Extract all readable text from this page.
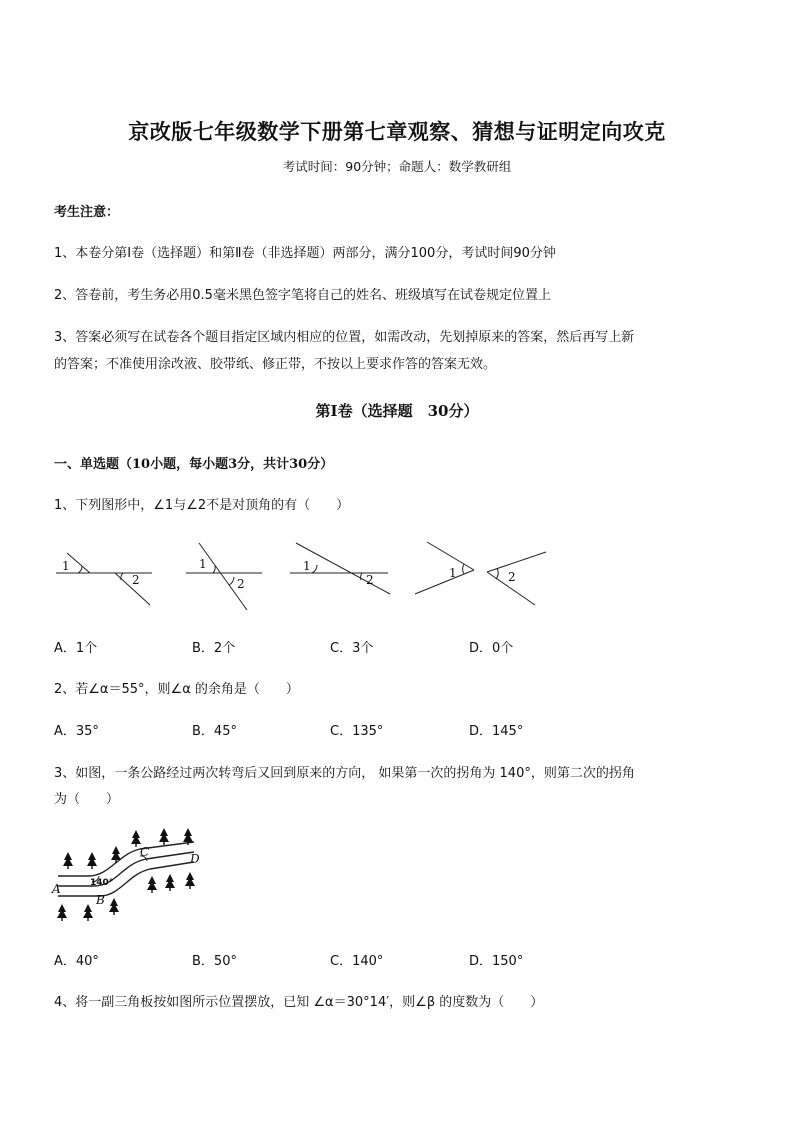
京改版七年级数学下册第七章观察、猜想与证明定向攻克
考试时间：90分钟；命题人：数学教研组
考生注意：
1、本卷分第Ⅰ卷（选择题）和第Ⅱ卷（非选择题）两部分，满分100分，考试时间90分钟
2、答卷前，考生务必用0.5毫米黑色签字笔将自己的姓名、班级填写在试卷规定位置上
3、答案必须写在试卷各个题目指定区域内相应的位置，如需改动，先划掉原来的答案，然后再写上新
的答案；不准使用涂改液、胶带纸、修正带，不按以上要求作答的答案无效。
第Ⅰ卷（选择题　30分）
一、单选题（10小题，每小题3分，共计30分）
1、下列图形中，∠1与∠2不是对顶角的有（　　）
1
2
1
2
1
2	1	2
A．1个	B．2个	C．3个	D．0个
2、若∠α＝55°，则∠α 的余角是（　　）
A．35°	B．45°	C．135°	D．145°
3、如图，一条公路经过两次转弯后又回到原来的方向， 如果第一次的拐角为 140°，则第二次的拐角
为（　　）
A
B
C	D
140°
A．40°	B．50°	C．140°	D．150°
4、将一副三角板按如图所示位置摆放，已知 ∠α＝30°14′，则∠β 的度数为（　　）
